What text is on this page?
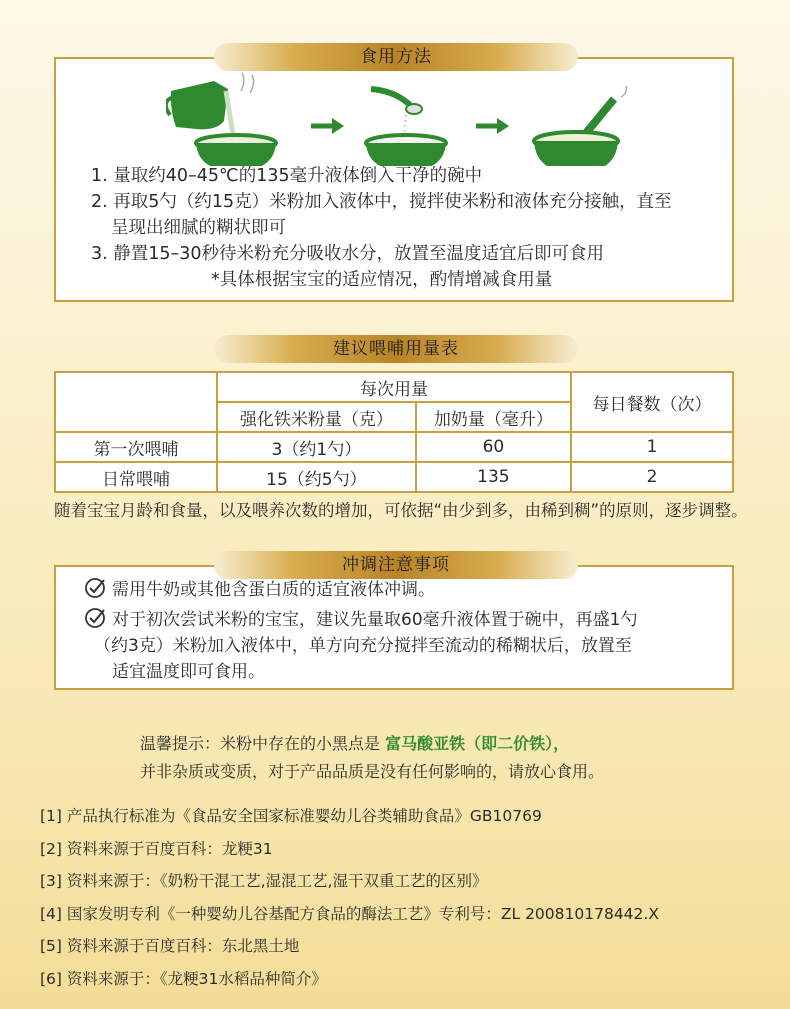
1. 量取约40–45℃的135毫升液体倒入干净的碗中

2. 再取5勺（约15克）米粉加入液体中，搅拌使米粉和液体充分接触，直至

呈现出细腻的糊状即可

3. 静置15–30秒待米粉充分吸收水分，放置至温度适宜后即可食用

*具体根据宝宝的适应情况，酌情增减食用量

食用方法
建议喂哺用量表
	每次用量		每日餐数（次）
	强化铁米粉量（克）	加奶量（毫升）	
第一次喂哺	3（约1勺）	60	1
日常喂哺	15（约5勺）	135	2
随着宝宝月龄和食量，以及喂养次数的增加，可依据“由少到多，由稀到稠”的原则，逐步调整。
需用牛奶或其他含蛋白质的适宜液体冲调。
对于初次尝试米粉的宝宝，建议先量取60毫升液体置于碗中，再盛1勺
（约3克）米粉加入液体中，单方向充分搅拌至流动的稀糊状后，放置至
适宜温度即可食用。
冲调注意事项
温馨提示：米粉中存在的小黑点是 富马酸亚铁（即二价铁），
并非杂质或变质，对于产品品质是没有任何影响的，请放心食用。
[1] 产品执行标准为《食品安全国家标准婴幼儿谷类辅助食品》GB10769
[2] 资料来源于百度百科：龙粳31
[3] 资料来源于：《奶粉干混工艺,湿混工艺,湿干双重工艺的区别》
[4] 国家发明专利《一种婴幼儿谷基配方食品的酶法工艺》专利号：ZL 200810178442.X
[5] 资料来源于百度百科：东北黑土地
[6] 资料来源于：《龙粳31水稻品种简介》
